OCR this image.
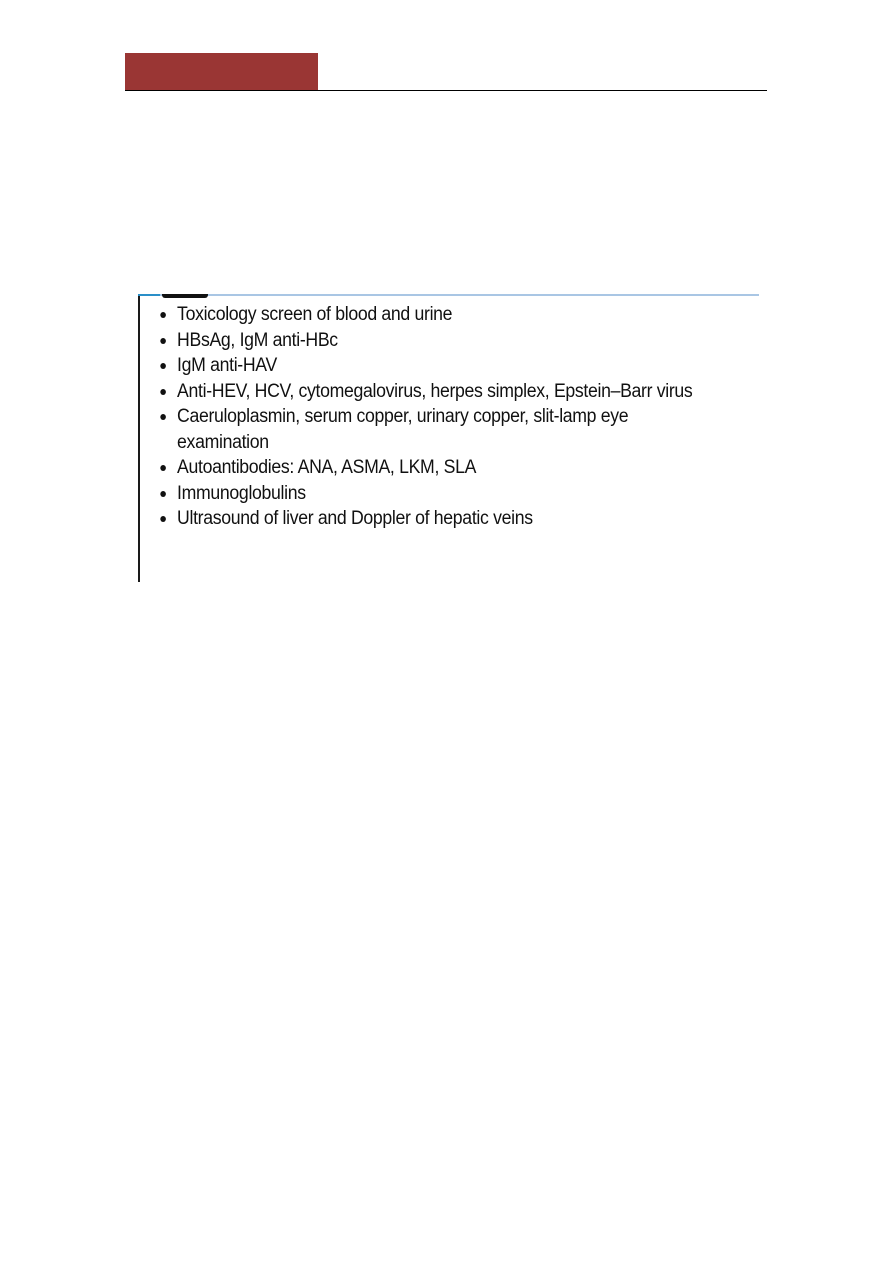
Toxicology screen of blood and urine
HBsAg, IgM anti-HBc
IgM anti-HAV
Anti-HEV, HCV, cytomegalovirus, herpes simplex, Epstein–Barr virus
Caeruloplasmin, serum copper, urinary copper, slit-lamp eye examination
Autoantibodies: ANA, ASMA, LKM, SLA
Immunoglobulins
Ultrasound of liver and Doppler of hepatic veins
